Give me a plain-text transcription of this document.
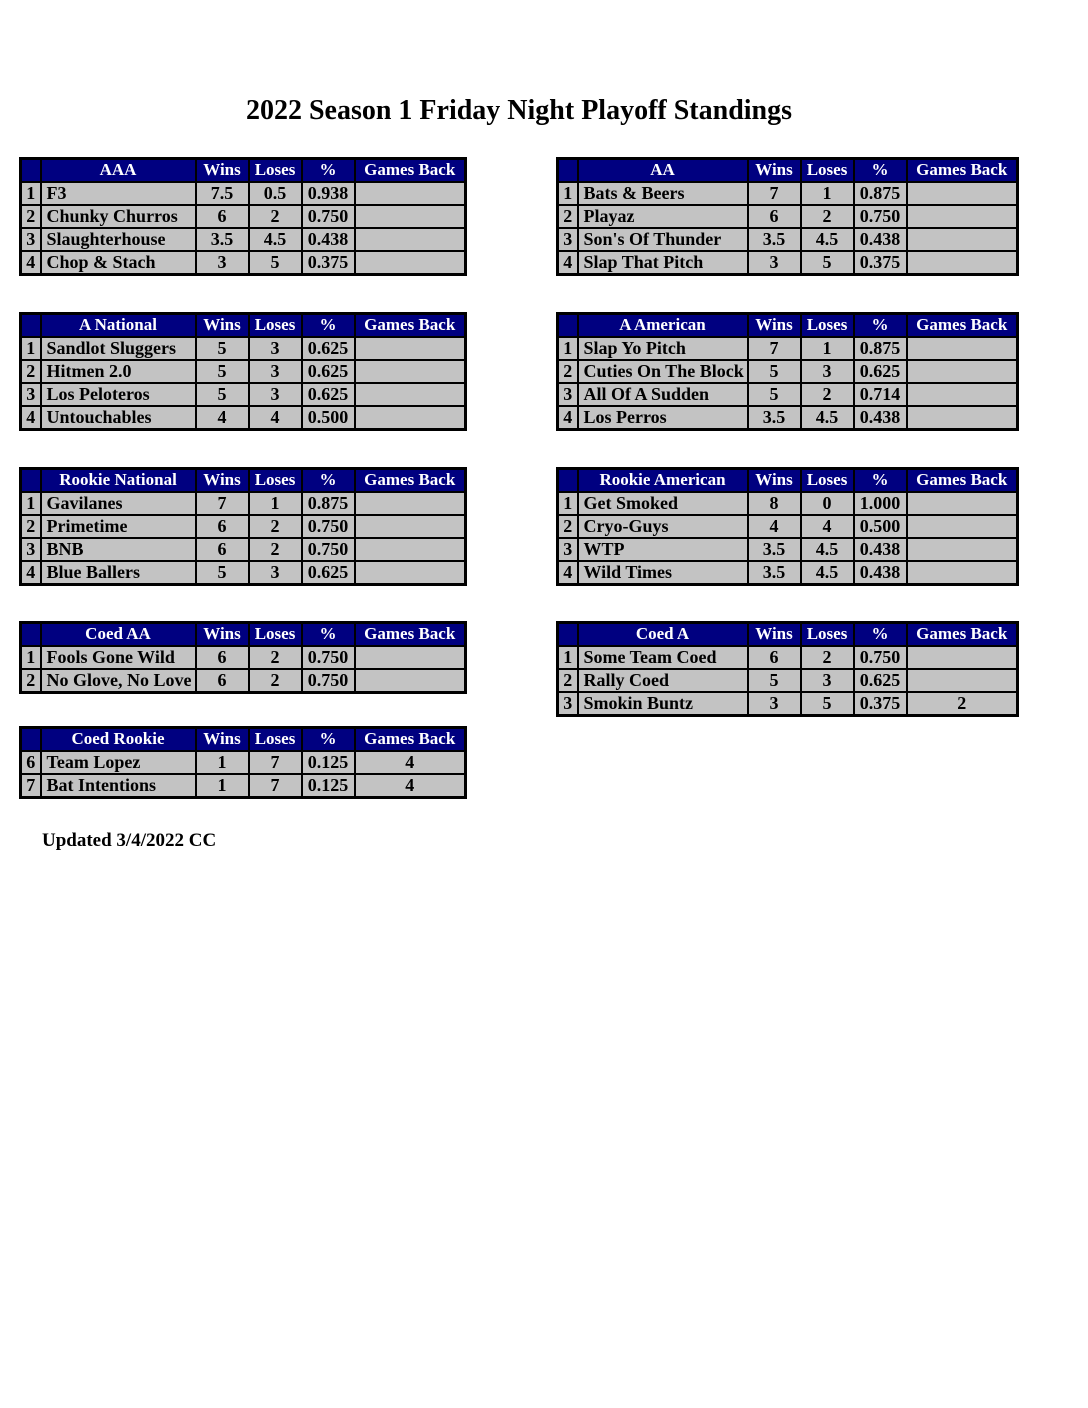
2022 Season 1 Friday Night Playoff Standings
	AAA	Wins	Loses	%	Games Back
1	F3	7.5	0.5	0.938	
2	Chunky Churros	6	2	0.750	
3	Slaughterhouse	3.5	4.5	0.438	
4	Chop & Stach	3	5	0.375	
	AA	Wins	Loses	%	Games Back
1	Bats & Beers	7	1	0.875	
2	Playaz	6	2	0.750	
3	Son's Of Thunder	3.5	4.5	0.438	
4	Slap That Pitch	3	5	0.375	
	A National	Wins	Loses	%	Games Back
1	Sandlot Sluggers	5	3	0.625	
2	Hitmen 2.0	5	3	0.625	
3	Los Peloteros	5	3	0.625	
4	Untouchables	4	4	0.500	
	A American	Wins	Loses	%	Games Back
1	Slap Yo Pitch	7	1	0.875	
2	Cuties On The Block	5	3	0.625	
3	All Of A Sudden	5	2	0.714	
4	Los Perros	3.5	4.5	0.438	
	Rookie National	Wins	Loses	%	Games Back
1	Gavilanes	7	1	0.875	
2	Primetime	6	2	0.750	
3	BNB	6	2	0.750	
4	Blue Ballers	5	3	0.625	
	Rookie American	Wins	Loses	%	Games Back
1	Get Smoked	8	0	1.000	
2	Cryo-Guys	4	4	0.500	
3	WTP	3.5	4.5	0.438	
4	Wild Times	3.5	4.5	0.438	
	Coed AA	Wins	Loses	%	Games Back
1	Fools Gone Wild	6	2	0.750	
2	No Glove, No Love	6	2	0.750	
	Coed A	Wins	Loses	%	Games Back
1	Some Team Coed	6	2	0.750	
2	Rally Coed	5	3	0.625	
3	Smokin Buntz	3	5	0.375	2
	Coed Rookie	Wins	Loses	%	Games Back
6	Team Lopez	1	7	0.125	4
7	Bat Intentions	1	7	0.125	4
Updated 3/4/2022 CC
